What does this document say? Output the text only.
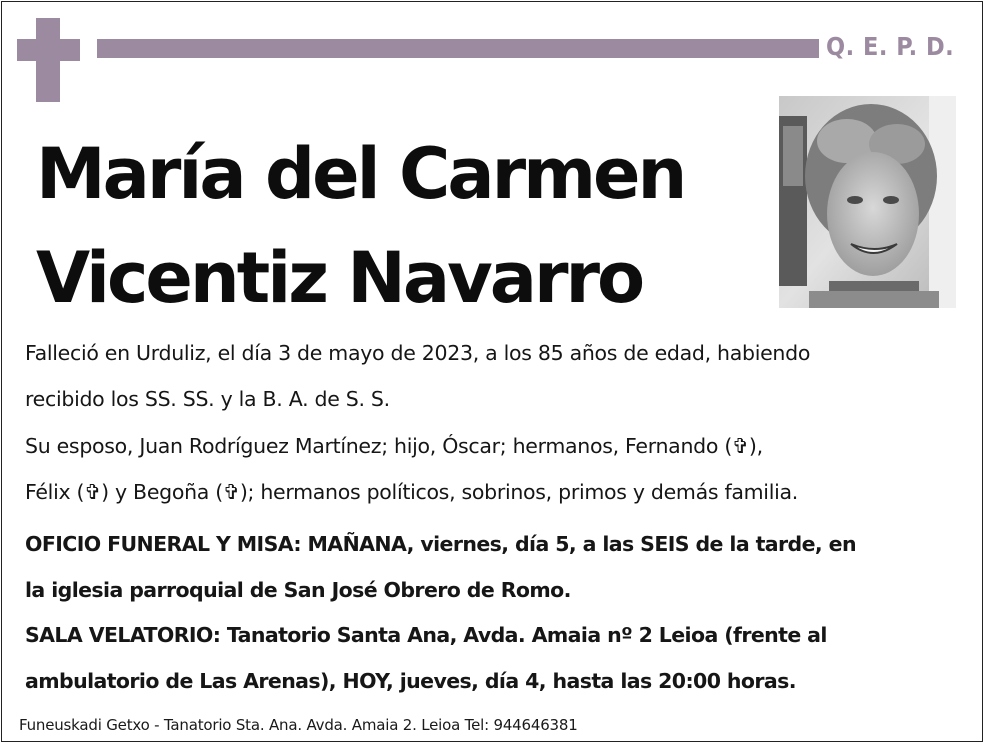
Q. E. P. D.
María del Carmen
Vicentiz Navarro
Falleció en Urduliz, el día 3 de mayo de 2023, a los 85 años de edad, habiendo
recibido los SS. SS. y la B. A. de S. S.
Su esposo, Juan Rodríguez Martínez; hijo, Óscar; hermanos, Fernando (✞),
Félix (✞) y Begoña (✞); hermanos políticos, sobrinos, primos y demás familia.
OFICIO FUNERAL Y MISA: MAÑANA, viernes, día 5, a las SEIS de la tarde, en
la iglesia parroquial de San José Obrero de Romo.
SALA VELATORIO: Tanatorio Santa Ana, Avda. Amaia nº 2 Leioa (frente al
ambulatorio de Las Arenas), HOY, jueves, día 4, hasta las 20:00 horas.
Funeuskadi Getxo - Tanatorio Sta. Ana. Avda. Amaia 2. Leioa Tel: 944646381
